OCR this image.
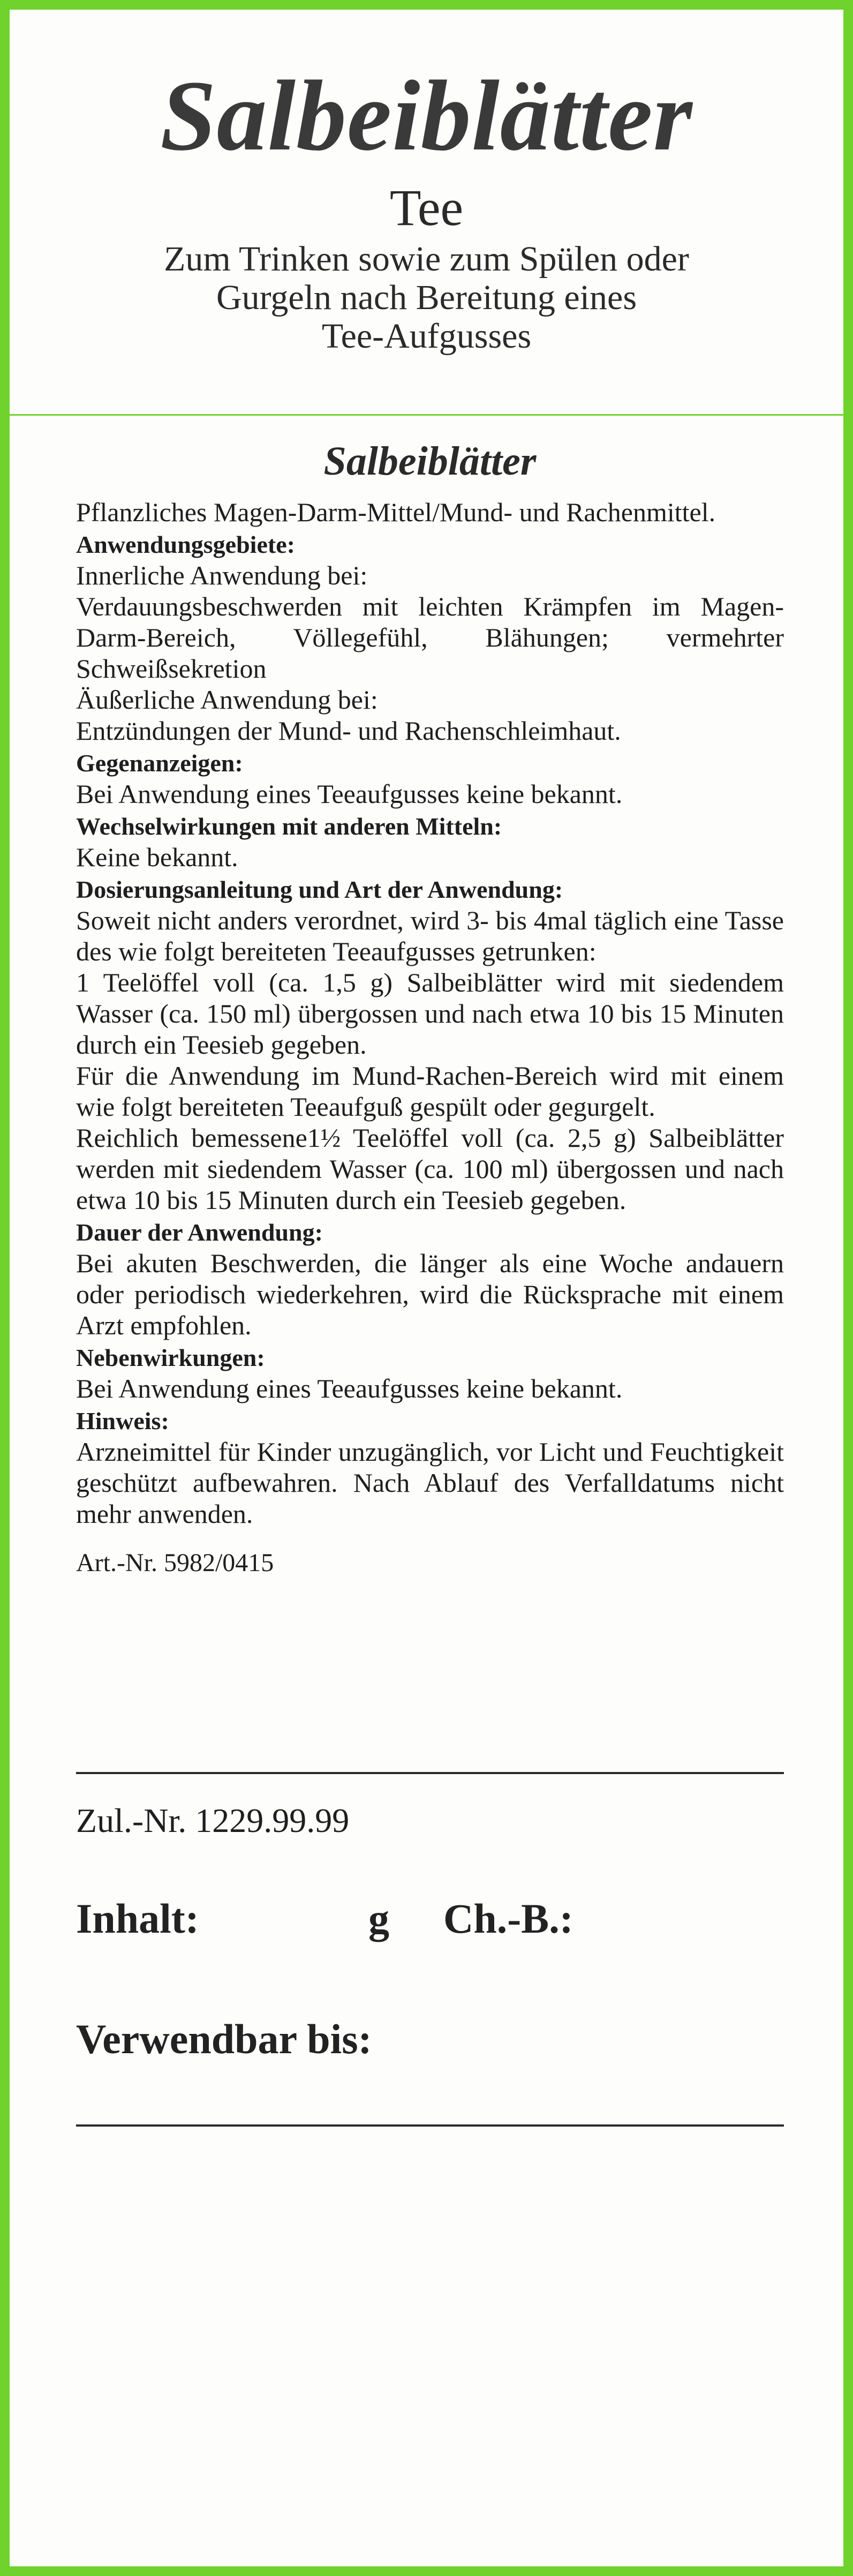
Salbeiblätter
Tee
Zum Trinken sowie zum Spülen oder
Gurgeln nach Bereitung eines
Tee-Aufgusses
Salbeiblätter

Pflanzliches Magen-Darm-Mittel/Mund- und Rachenmittel.

Anwendungsgebiete:

Innerliche Anwendung bei:

Verdauungsbeschwerden mit leichten Krämpfen im Magen-Darm-Bereich, Völlegefühl, Blähungen; vermehrter Schweißsekretion

Äußerliche Anwendung bei:

Entzündungen der Mund- und Rachenschleimhaut.

Gegenanzeigen:

Bei Anwendung eines Teeaufgusses keine bekannt.

Wechselwirkungen mit anderen Mitteln:

Keine bekannt.

Dosierungsanleitung und Art der Anwendung:

Soweit nicht anders verordnet, wird 3- bis 4mal täglich eine Tasse des wie folgt bereiteten Teeaufgusses getrunken:

1 Teelöffel voll (ca. 1,5 g) Salbeiblätter wird mit siedendem Wasser (ca. 150 ml) übergossen und nach etwa 10 bis 15 Minuten durch ein Teesieb gegeben.

Für die Anwendung im Mund-Rachen-Bereich wird mit einem wie folgt bereiteten Teeaufguß gespült oder gegurgelt.

Reichlich bemessene1½ Teelöffel voll (ca. 2,5 g) Salbeiblätter werden mit siedendem Wasser (ca. 100 ml) übergossen und nach etwa 10 bis 15 Minuten durch ein Teesieb gegeben.

Dauer der Anwendung:

Bei akuten Beschwerden, die länger als eine Woche andauern oder periodisch wiederkehren, wird die Rücksprache mit einem Arzt empfohlen.

Nebenwirkungen:

Bei Anwendung eines Teeaufgusses keine bekannt.

Hinweis:

Arzneimittel für Kinder unzugänglich, vor Licht und Feuchtigkeit geschützt aufbewahren. Nach Ablauf des Verfalldatums nicht mehr anwenden.

Art.-Nr. 5982/0415

Zul.-Nr. 1229.99.99
Inhalt:	g Ch.-B.:
Verwendbar bis:
